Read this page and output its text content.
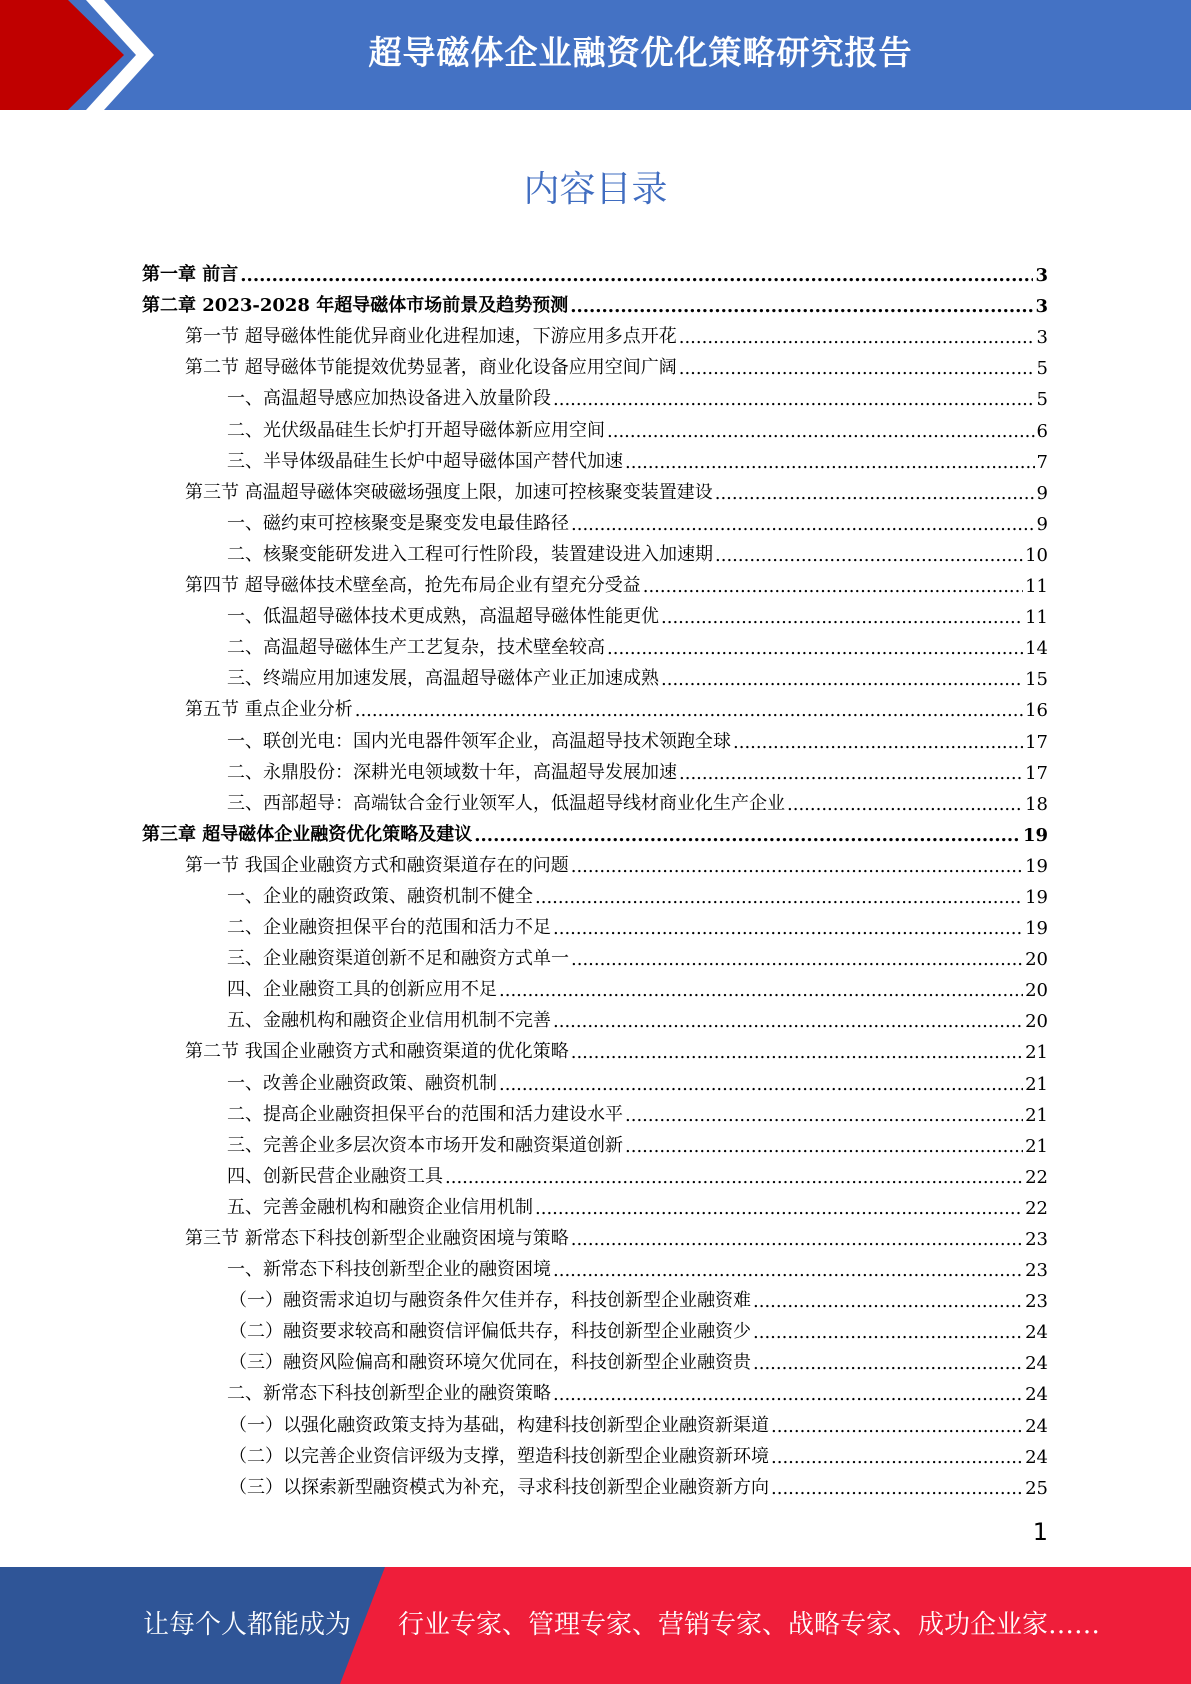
超导磁体企业融资优化策略研究报告
内容目录
第一章 前言 .....	3
第二章 2023-2028 年超导磁体市场前景及趋势预测 .....	3
第一节 超导磁体性能优异商业化进程加速，下游应用多点开花 .....	3
第二节 超导磁体节能提效优势显著，商业化设备应用空间广阔 .....	5
一、高温超导感应加热设备进入放量阶段 .....	5
二、光伏级晶硅生长炉打开超导磁体新应用空间 .....	6
三、半导体级晶硅生长炉中超导磁体国产替代加速 .....	7
第三节 高温超导磁体突破磁场强度上限，加速可控核聚变装置建设 .....	9
一、磁约束可控核聚变是聚变发电最佳路径 .....	9
二、核聚变能研发进入工程可行性阶段，装置建设进入加速期 .....	10
第四节 超导磁体技术壁垒高，抢先布局企业有望充分受益 .....	11
一、低温超导磁体技术更成熟，高温超导磁体性能更优 .....	11
二、高温超导磁体生产工艺复杂，技术壁垒较高 .....	14
三、终端应用加速发展，高温超导磁体产业正加速成熟 .....	15
第五节 重点企业分析 .....	16
一、联创光电：国内光电器件领军企业，高温超导技术领跑全球 .....	17
二、永鼎股份：深耕光电领域数十年，高温超导发展加速 .....	17
三、西部超导：高端钛合金行业领军人，低温超导线材商业化生产企业 .....	18
第三章 超导磁体企业融资优化策略及建议 .....	19
第一节 我国企业融资方式和融资渠道存在的问题 .....	19
一、企业的融资政策、融资机制不健全 .....	19
二、企业融资担保平台的范围和活力不足 .....	19
三、企业融资渠道创新不足和融资方式单一 .....	20
四、企业融资工具的创新应用不足 .....	20
五、金融机构和融资企业信用机制不完善 .....	20
第二节 我国企业融资方式和融资渠道的优化策略 .....	21
一、改善企业融资政策、融资机制 .....	21
二、提高企业融资担保平台的范围和活力建设水平 .....	21
三、完善企业多层次资本市场开发和融资渠道创新 .....	21
四、创新民营企业融资工具 .....	22
五、完善金融机构和融资企业信用机制 .....	22
第三节 新常态下科技创新型企业融资困境与策略 .....	23
一、新常态下科技创新型企业的融资困境 .....	23
（一）融资需求迫切与融资条件欠佳并存，科技创新型企业融资难 .....	23
（二）融资要求较高和融资信评偏低共存，科技创新型企业融资少 .....	24
（三）融资风险偏高和融资环境欠优同在，科技创新型企业融资贵 .....	24
二、新常态下科技创新型企业的融资策略 .....	24
（一）以强化融资政策支持为基础，构建科技创新型企业融资新渠道 .....	24
（二）以完善企业资信评级为支撑，塑造科技创新型企业融资新环境 .....	24
（三）以探索新型融资模式为补充，寻求科技创新型企业融资新方向 .....	25
1
让每个人都能成为 行业专家、管理专家、营销专家、战略专家、成功企业家……
